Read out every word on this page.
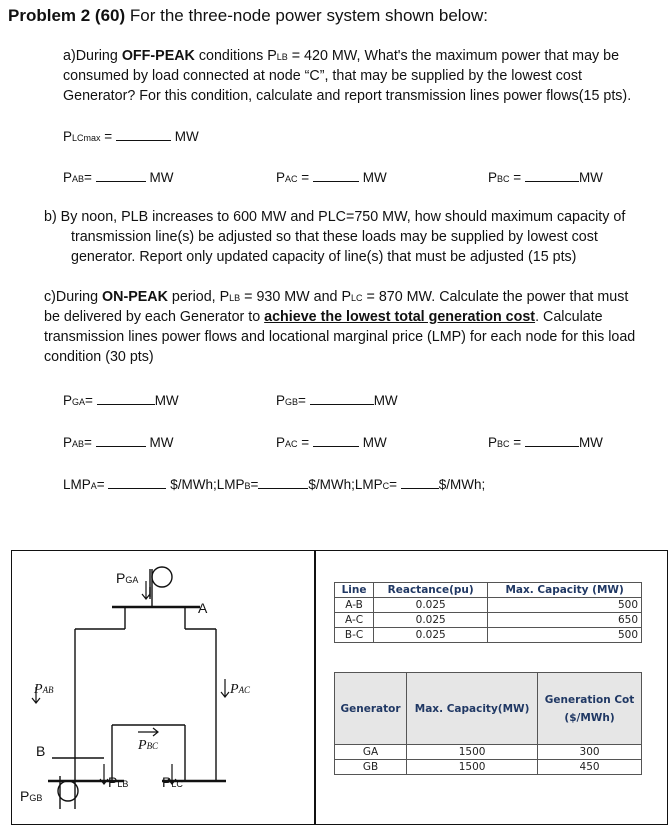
Problem 2 (60) For the three-node power system shown below:
a)During OFF-PEAK conditions PLB = 420 MW, What's the maximum power that may be
consumed by load connected at node “C”, that may be supplied by the lowest cost
Generator? For this condition, calculate and report transmission lines power flows(15 pts).
PLCmax =	MW
PAB=	MW	PAC =	MW	PBC =	MW
b) By noon, PLB increases to 600 MW and PLC=750 MW, how should maximum capacity of
transmission line(s) be adjusted so that these loads may be supplied by lowest cost
generator. Report only updated capacity of line(s) that must be adjusted (15 pts)
c)During ON-PEAK period, PLB = 930 MW and PLC = 870 MW. Calculate the power that must
be delivered by each Generator to achieve the lowest total generation cost. Calculate
transmission lines power flows and locational marginal price (LMP) for each node for this load
condition (30 pts)
PGA=	MW	PGB=	MW
PAB=	MW	PAC =	MW	PBC =	MW
LMPA=	$/MWh;LMPB=	$/MWh;LMPC=	$/MWh;
PGA
A
B
PAB	PAC
PBC
PLB PLC
PGB
Line	Reactance(pu)	Max. Capacity (MW)
A-B	0.025	500
A-C	0.025	650
B-C	0.025	500
Generator	Max. Capacity(MW)	Generation Cot
($/MWh)
GA	1500	300
GB	1500	450
